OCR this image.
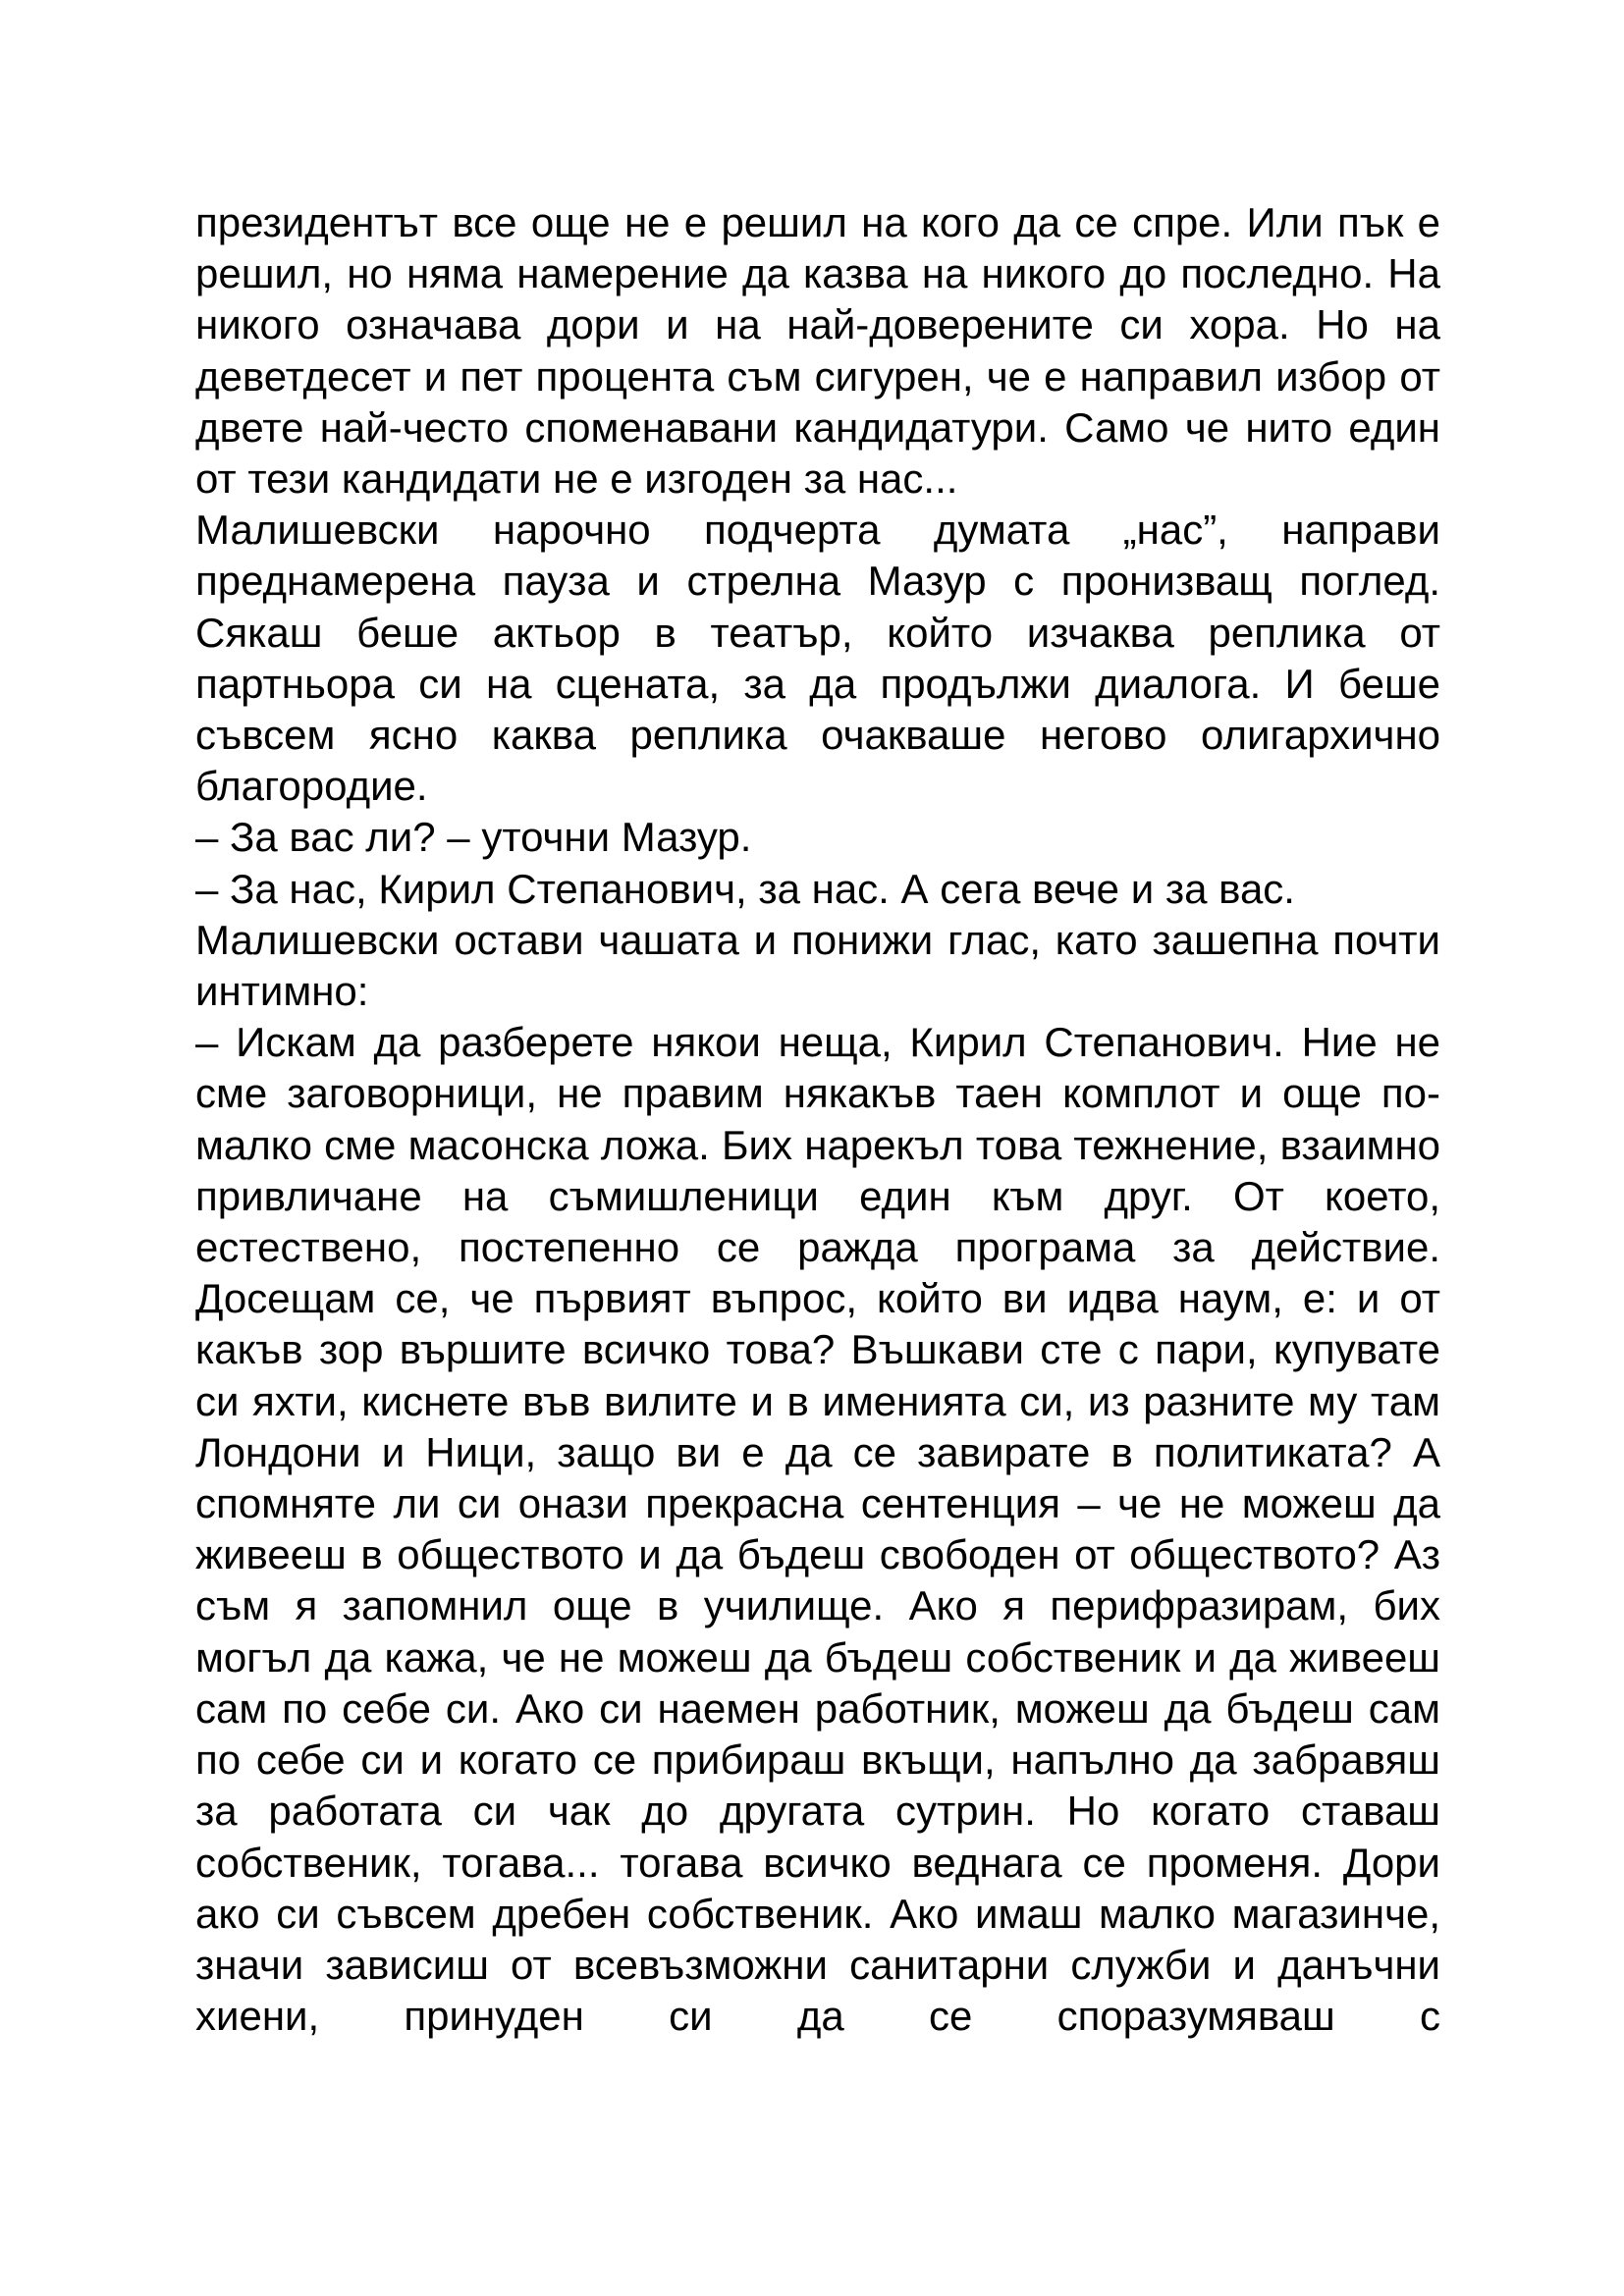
президентът все още не е решил на кого да се спре. Или пък е решил, но няма намерение да казва на никого до последно. На никого означава дори и на най-доверените си хора. Но на деветдесет и пет процента съм сигурен, че е направил избор от двете най-често споменавани кандидатури. Само че нито един от тези кандидати не е изгоден за нас...

Малишевски нарочно подчерта думата „нас”, направи преднамерена пауза и стрелна Мазур с пронизващ поглед. Сякаш беше актьор в театър, който изчаква реплика от партньора си на сцената, за да продължи диалога. И беше съвсем ясно каква реплика очакваше негово олигархично благородие.

– За вас ли? – уточни Мазур.

– За нас, Кирил Степанович, за нас. А сега вече и за вас.

Малишевски остави чашата и понижи глас, като зашепна почти интимно:

– Искам да разберете някои неща, Кирил Степанович. Ние не сме заговорници, не правим някакъв таен комплот и още по-малко сме масонска ложа. Бих нарекъл това тежнение, взаимно привличане на съмишленици един към друг. От което, естествено, постепенно се ражда програма за действие. Досещам се, че първият въпрос, който ви идва наум, е: и от какъв зор вършите всичко това? Въшкави сте с пари, купувате си яхти, киснете във вилите и в именията си, из разните му там Лондони и Ници, защо ви е да се завирате в политиката? А спомняте ли си онази прекрасна сентенция – че не можеш да живееш в обществото и да бъдеш свободен от обществото? Аз съм я запомнил още в училище. Ако я перифразирам, бих могъл да кажа, че не можеш да бъдеш собственик и да живееш сам по себе си. Ако си наемен работник, можеш да бъдеш сам по себе си и когато се прибираш вкъщи, напълно да забравяш за работата си чак до другата сутрин. Но когато ставаш собственик, тогава... тогава всичко веднага се променя. Дори ако си съвсем дребен собственик. Ако имаш малко магазинче, значи зависиш от всевъзможни санитарни служби и данъчни хиени, принуден си да се споразумяваш с
